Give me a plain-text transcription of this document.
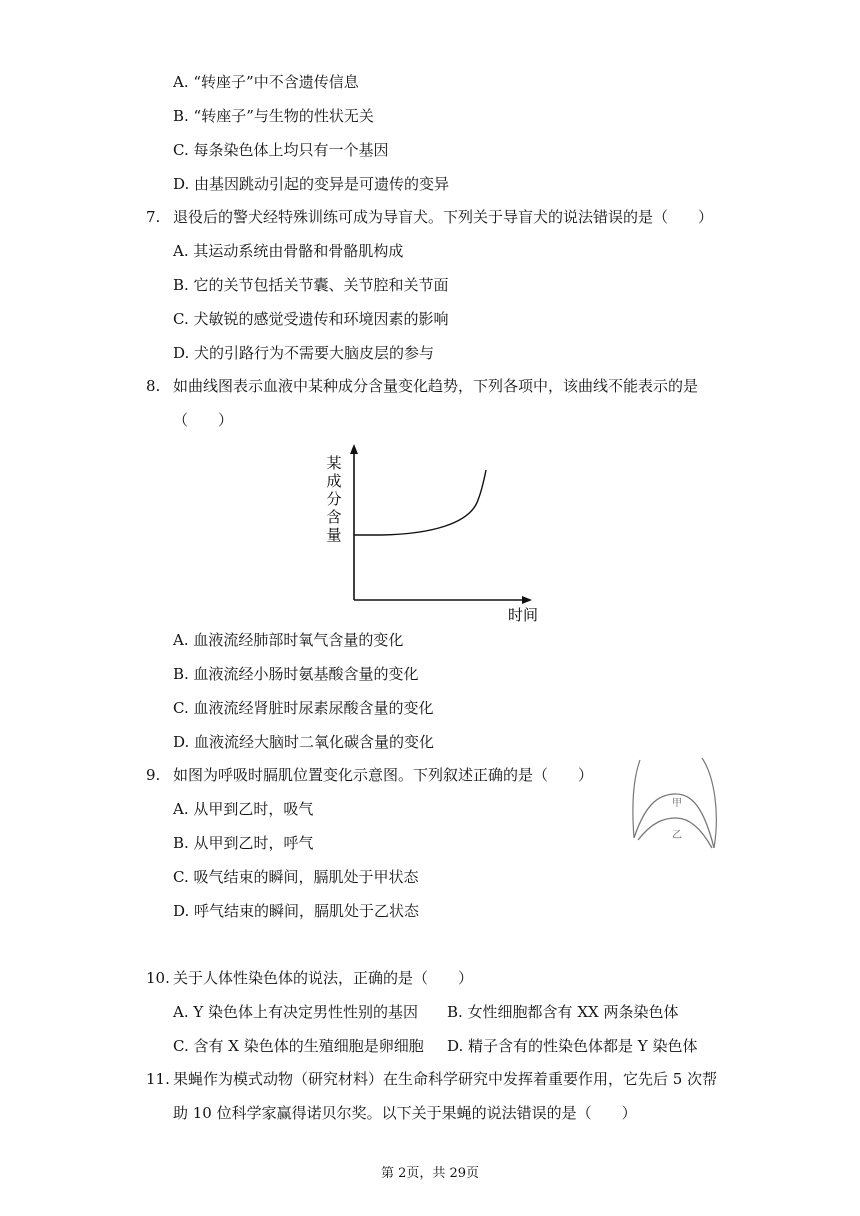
A. “转座子”中不含遗传信息
B. “转座子”与生物的性状无关
C. 每条染色体上均只有一个基因
D. 由基因跳动引起的变异是可遗传的变异
7. 退役后的警犬经特殊训练可成为导盲犬。下列关于导盲犬的说法错误的是（　　）
A. 其运动系统由骨骼和骨骼肌构成
B. 它的关节包括关节囊、关节腔和关节面
C. 犬敏锐的感觉受遗传和环境因素的影响
D. 犬的引路行为不需要大脑皮层的参与
8. 如曲线图表示血液中某种成分含量变化趋势，下列各项中，该曲线不能表示的是
（　　）
某
成
分
含
量
时间
A. 血液流经肺部时氧气含量的变化
B. 血液流经小肠时氨基酸含量的变化
C. 血液流经肾脏时尿素尿酸含量的变化
D. 血液流经大脑时二氧化碳含量的变化
9. 如图为呼吸时膈肌位置变化示意图。下列叙述正确的是（　　）
甲
乙
A. 从甲到乙时，吸气
B. 从甲到乙时，呼气
C. 吸气结束的瞬间，膈肌处于甲状态
D. 呼气结束的瞬间，膈肌处于乙状态
10. 关于人体性染色体的说法，正确的是（　　）
A. Y 染色体上有决定男性性别的基因 B. 女性细胞都含有 XX 两条染色体
C. 含有 X 染色体的生殖细胞是卵细胞 D. 精子含有的性染色体都是 Y 染色体
11. 果蝇作为模式动物（研究材料）在生命科学研究中发挥着重要作用，它先后 5 次帮
助 10 位科学家赢得诺贝尔奖。以下关于果蝇的说法错误的是（　　）
第 2页，共 29页
